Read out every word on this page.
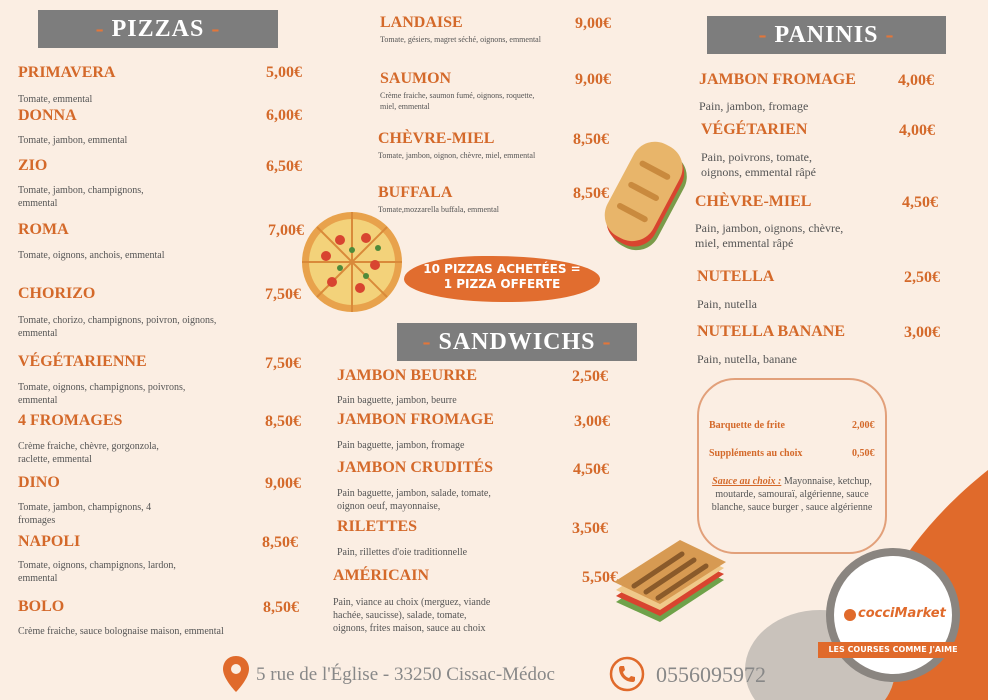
- PIZZAS -
- SANDWICHS -
- PANINIS -
PRIMAVERA	5,00€
Tomate, emmental
DONNA	6,00€
Tomate, jambon, emmental
ZIO	6,50€
Tomate, jambon, champignons, emmental
ROMA	7,00€
Tomate, oignons, anchois, emmental
CHORIZO	7,50€
Tomate, chorizo, champignons, poivron, oignons, emmental
VÉGÉTARIENNE	7,50€
Tomate, oignons, champignons, poivrons, emmental
4 FROMAGES	8,50€
Crème fraiche, chèvre, gorgonzola, raclette, emmental
DINO	9,00€
Tomate, jambon, champignons, 4 fromages
NAPOLI	8,50€
Tomate, oignons, champignons, lardon, emmental
BOLO	8,50€
Crème fraiche, sauce bolognaise maison, emmental
LANDAISE	9,00€
Tomate, gésiers, magret séché, oignons, emmental
SAUMON	9,00€
Crème fraiche, saumon fumé, oignons, roquette, miel, emmental
CHÈVRE-MIEL	8,50€
Tomate, jambon, oignon, chèvre, miel, emmental
BUFFALA	8,50€
Tomate,mozzarella buffala, emmental
10 PIZZAS ACHETÉES =
1 PIZZA OFFERTE
JAMBON BEURRE	2,50€
Pain baguette, jambon, beurre
JAMBON FROMAGE	3,00€
Pain baguette, jambon, fromage
JAMBON CRUDITÉS	4,50€
Pain baguette, jambon, salade, tomate, oignon oeuf, mayonnaise,
RILETTES	3,50€
Pain, rillettes d'oie traditionnelle
AMÉRICAIN	5,50€
Pain, viance au choix (merguez, viande hachée, saucisse), salade, tomate, oignons, frites maison, sauce au choix
JAMBON FROMAGE	4,00€
Pain, jambon, fromage
VÉGÉTARIEN	4,00€
Pain, poivrons, tomate, oignons, emmental râpé
CHÈVRE-MIEL	4,50€
Pain, jambon, oignons, chèvre, miel, emmental râpé
NUTELLA	2,50€
Pain, nutella
NUTELLA BANANE	3,00€
Pain, nutella, banane
Barquette de frite	2,00€
Suppléments au choix	0,50€
Sauce au choix : Mayonnaise, ketchup, moutarde, samouraï, algérienne, sauce blanche, sauce burger , sauce algérienne
cocciMarket
LES COURSES COMME J'AIME
5 rue de l'Église - 33250 Cissac-Médoc	0556095972
